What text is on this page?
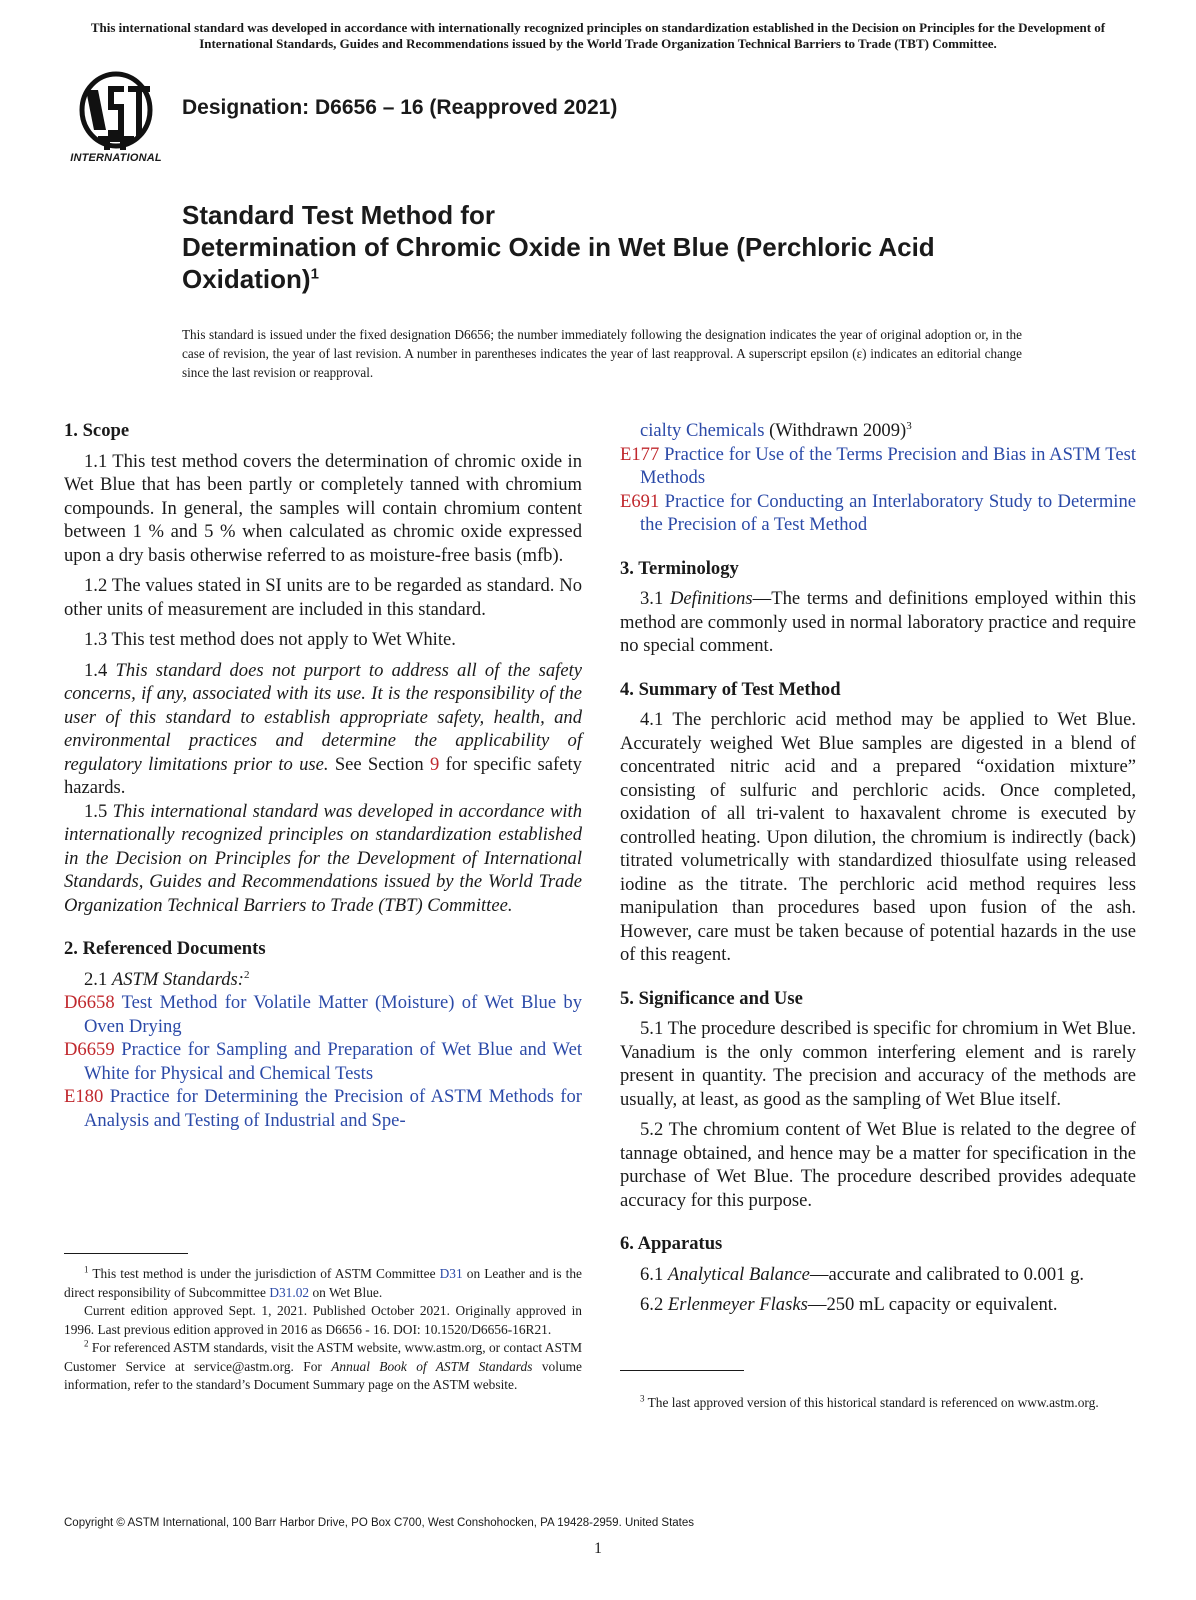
This international standard was developed in accordance with internationally recognized principles on standardization established in the Decision on Principles for the Development of International Standards, Guides and Recommendations issued by the World Trade Organization Technical Barriers to Trade (TBT) Committee.
INTERNATIONAL
Designation: D6656 – 16 (Reapproved 2021)
Standard Test Method for
Determination of Chromic Oxide in Wet Blue (Perchloric Acid Oxidation)$^1$
This standard is issued under the fixed designation D6656; the number immediately following the designation indicates the year of original adoption or, in the case of revision, the year of last revision. A number in parentheses indicates the year of last reapproval. A superscript epsilon (ε) indicates an editorial change since the last revision or reapproval.
1. Scope
1.1 This test method covers the determination of chromic oxide in Wet Blue that has been partly or completely tanned with chromium compounds. In general, the samples will contain chromium content between 1 % and 5 % when calculated as chromic oxide expressed upon a dry basis otherwise referred to as moisture-free basis (mfb).
1.2 The values stated in SI units are to be regarded as standard. No other units of measurement are included in this standard.
1.3 This test method does not apply to Wet White.
1.4 This standard does not purport to address all of the safety concerns, if any, associated with its use. It is the responsibility of the user of this standard to establish appropriate safety, health, and environmental practices and determine the applicability of regulatory limitations prior to use. See Section 9 for specific safety hazards.
1.5 This international standard was developed in accordance with internationally recognized principles on standardization established in the Decision on Principles for the Development of International Standards, Guides and Recommendations issued by the World Trade Organization Technical Barriers to Trade (TBT) Committee.
2. Referenced Documents
2.1 ASTM Standards:$^2$
D6658 Test Method for Volatile Matter (Moisture) of Wet Blue by Oven Drying
D6659 Practice for Sampling and Preparation of Wet Blue and Wet White for Physical and Chemical Tests
E180 Practice for Determining the Precision of ASTM Methods for Analysis and Testing of Industrial and Spe-
cialty Chemicals (Withdrawn 2009)$^3$
E177 Practice for Use of the Terms Precision and Bias in ASTM Test Methods
E691 Practice for Conducting an Interlaboratory Study to Determine the Precision of a Test Method
3. Terminology
3.1 Definitions—The terms and definitions employed within this method are commonly used in normal laboratory practice and require no special comment.
4. Summary of Test Method
4.1 The perchloric acid method may be applied to Wet Blue. Accurately weighed Wet Blue samples are digested in a blend of concentrated nitric acid and a prepared “oxidation mixture” consisting of sulfuric and perchloric acids. Once completed, oxidation of all tri-valent to haxavalent chrome is executed by controlled heating. Upon dilution, the chromium is indirectly (back) titrated volumetrically with standardized thiosulfate using released iodine as the titrate. The perchloric acid method requires less manipulation than procedures based upon fusion of the ash. However, care must be taken because of potential hazards in the use of this reagent.
5. Significance and Use
5.1 The procedure described is specific for chromium in Wet Blue. Vanadium is the only common interfering element and is rarely present in quantity. The precision and accuracy of the methods are usually, at least, as good as the sampling of Wet Blue itself.
5.2 The chromium content of Wet Blue is related to the degree of tannage obtained, and hence may be a matter for specification in the purchase of Wet Blue. The procedure described provides adequate accuracy for this purpose.
6. Apparatus
6.1 Analytical Balance—accurate and calibrated to 0.001 g.
6.2 Erlenmeyer Flasks—250 mL capacity or equivalent.

$^1$ This test method is under the jurisdiction of ASTM Committee D31 on Leather and is the direct responsibility of Subcommittee D31.02 on Wet Blue.

Current edition approved Sept. 1, 2021. Published October 2021. Originally approved in 1996. Last previous edition approved in 2016 as D6656 - 16. DOI: 10.1520/D6656-16R21.

$^2$ For referenced ASTM standards, visit the ASTM website, www.astm.org, or contact ASTM Customer Service at service@astm.org. For Annual Book of ASTM Standards volume information, refer to the standard’s Document Summary page on the ASTM website.

$^3$ The last approved version of this historical standard is referenced on www.astm.org.

Copyright © ASTM International, 100 Barr Harbor Drive, PO Box C700, West Conshohocken, PA 19428-2959. United States
1
